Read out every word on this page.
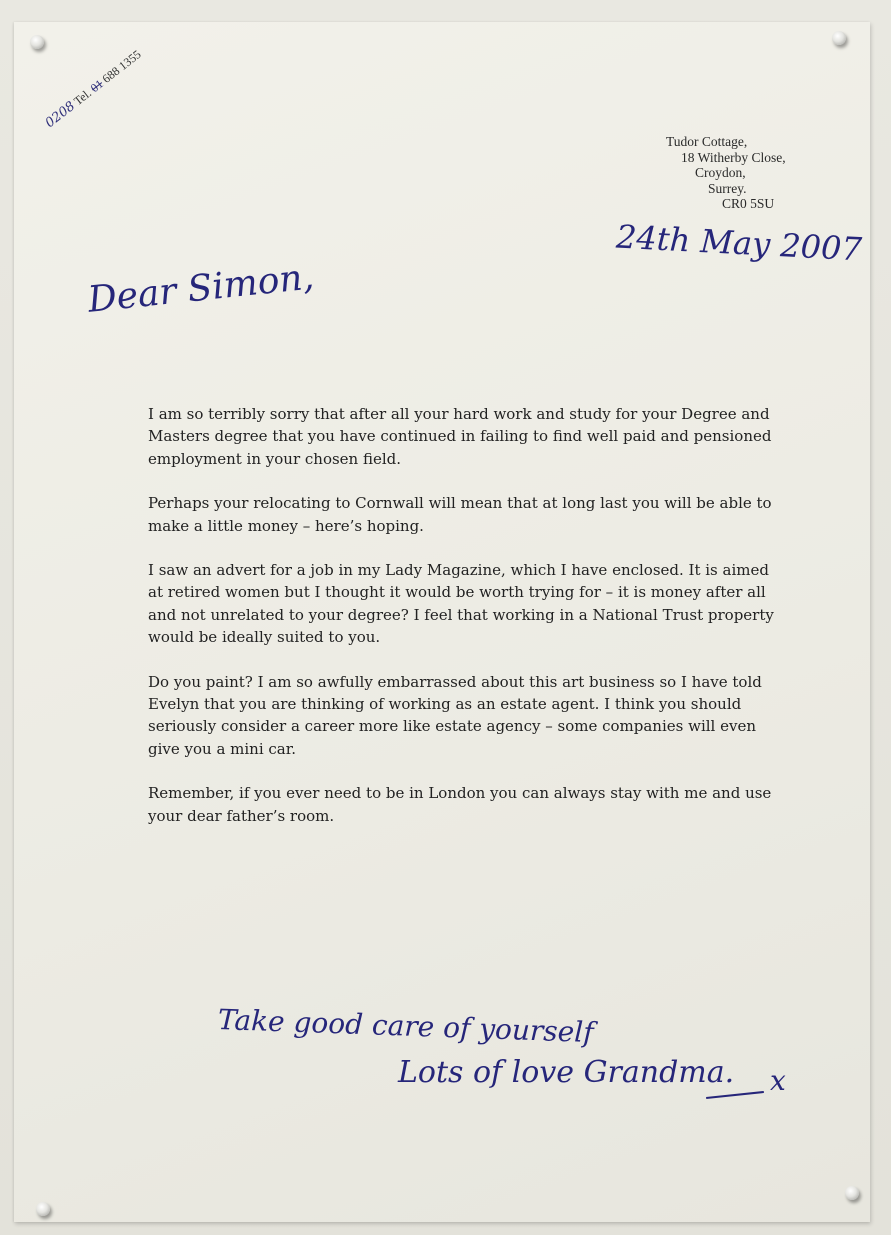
0208 Tel. 01 688 1355
Tudor Cottage,
18 Witherby Close,
Croydon,
Surrey.
CR0 5SU
24th May 2007
Dear Simon,

I am so terribly sorry that after all your hard work and study for your Degree and Masters degree that you have continued in failing to find well paid and pensioned employment in your chosen field.

Perhaps your relocating to Cornwall will mean that at long last you will be able to make a little money – here’s hoping.

I saw an advert for a job in my Lady Magazine, which I have enclosed. It is aimed at retired women but I thought it would be worth trying for – it is money after all and not unrelated to your degree? I feel that working in a National Trust property would be ideally suited to you.

Do you paint? I am so awfully embarrassed about this art business so I have told Evelyn that you are thinking of working as an estate agent. I think you should seriously consider a career more like estate agency – some companies will even give you a mini car.

Remember, if you ever need to be in London you can always stay with me and use your dear father’s room.

Take good care of yourself
Lots of love Grandma. x
